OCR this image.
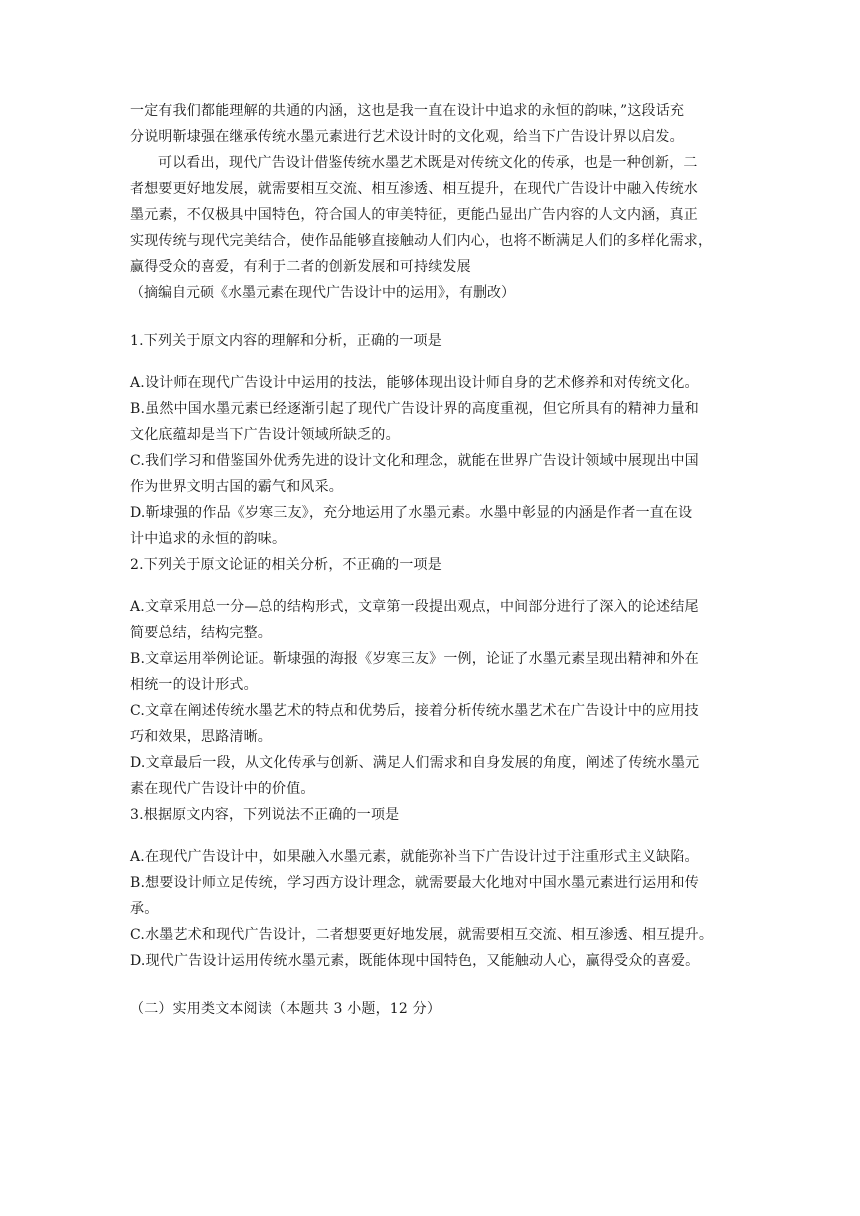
一定有我们都能理解的共通的内涵，这也是我一直在设计中追求的永恒的韵味，”这段话充
分说明靳埭强在继承传统水墨元素进行艺术设计时的文化观，给当下广告设计界以启发。
可以看出，现代广告设计借鉴传统水墨艺术既是对传统文化的传承，也是一种创新，二
者想要更好地发展，就需要相互交流、相互渗透、相互提升，在现代广告设计中融入传统水
墨元素，不仅极具中国特色，符合国人的审美特征，更能凸显出广告内容的人文内涵，真正
实现传统与现代完美结合，使作品能够直接触动人们内心，也将不断满足人们的多样化需求，
赢得受众的喜爱，有利于二者的创新发展和可持续发展
（摘编自元硕《水墨元素在现代广告设计中的运用》，有删改）
1.下列关于原文内容的理解和分析，正确的一项是
A.设计师在现代广告设计中运用的技法，能够体现出设计师自身的艺术修养和对传统文化。
B.虽然中国水墨元素已经逐渐引起了现代广告设计界的高度重视，但它所具有的精神力量和
文化底蕴却是当下广告设计领域所缺乏的。
C.我们学习和借鉴国外优秀先进的设计文化和理念，就能在世界广告设计领域中展现出中国
作为世界文明古国的霸气和风采。
D.靳埭强的作品《岁寒三友》，充分地运用了水墨元素。水墨中彰显的内涵是作者一直在设
计中追求的永恒的韵味。
2.下列关于原文论证的相关分析，不正确的一项是
A.文章采用总一分—总的结构形式，文章第一段提出观点，中间部分进行了深入的论述结尾
简要总结，结构完整。
B.文章运用举例论证。靳埭强的海报《岁寒三友》一例，论证了水墨元素呈现出精神和外在
相统一的设计形式。
C.文章在阐述传统水墨艺术的特点和优势后，接着分析传统水墨艺术在广告设计中的应用技
巧和效果，思路清晰。
D.文章最后一段，从文化传承与创新、满足人们需求和自身发展的角度，阐述了传统水墨元
素在现代广告设计中的价值。
3.根据原文内容，下列说法不正确的一项是
A.在现代广告设计中，如果融入水墨元素，就能弥补当下广告设计过于注重形式主义缺陷。
B.想要设计师立足传统，学习西方设计理念，就需要最大化地对中国水墨元素进行运用和传
承。
C.水墨艺术和现代广告设计，二者想要更好地发展，就需要相互交流、相互渗透、相互提升。
D.现代广告设计运用传统水墨元素，既能体现中国特色，又能触动人心，赢得受众的喜爱。
（二）实用类文本阅读（本题共 3 小题，12 分）
